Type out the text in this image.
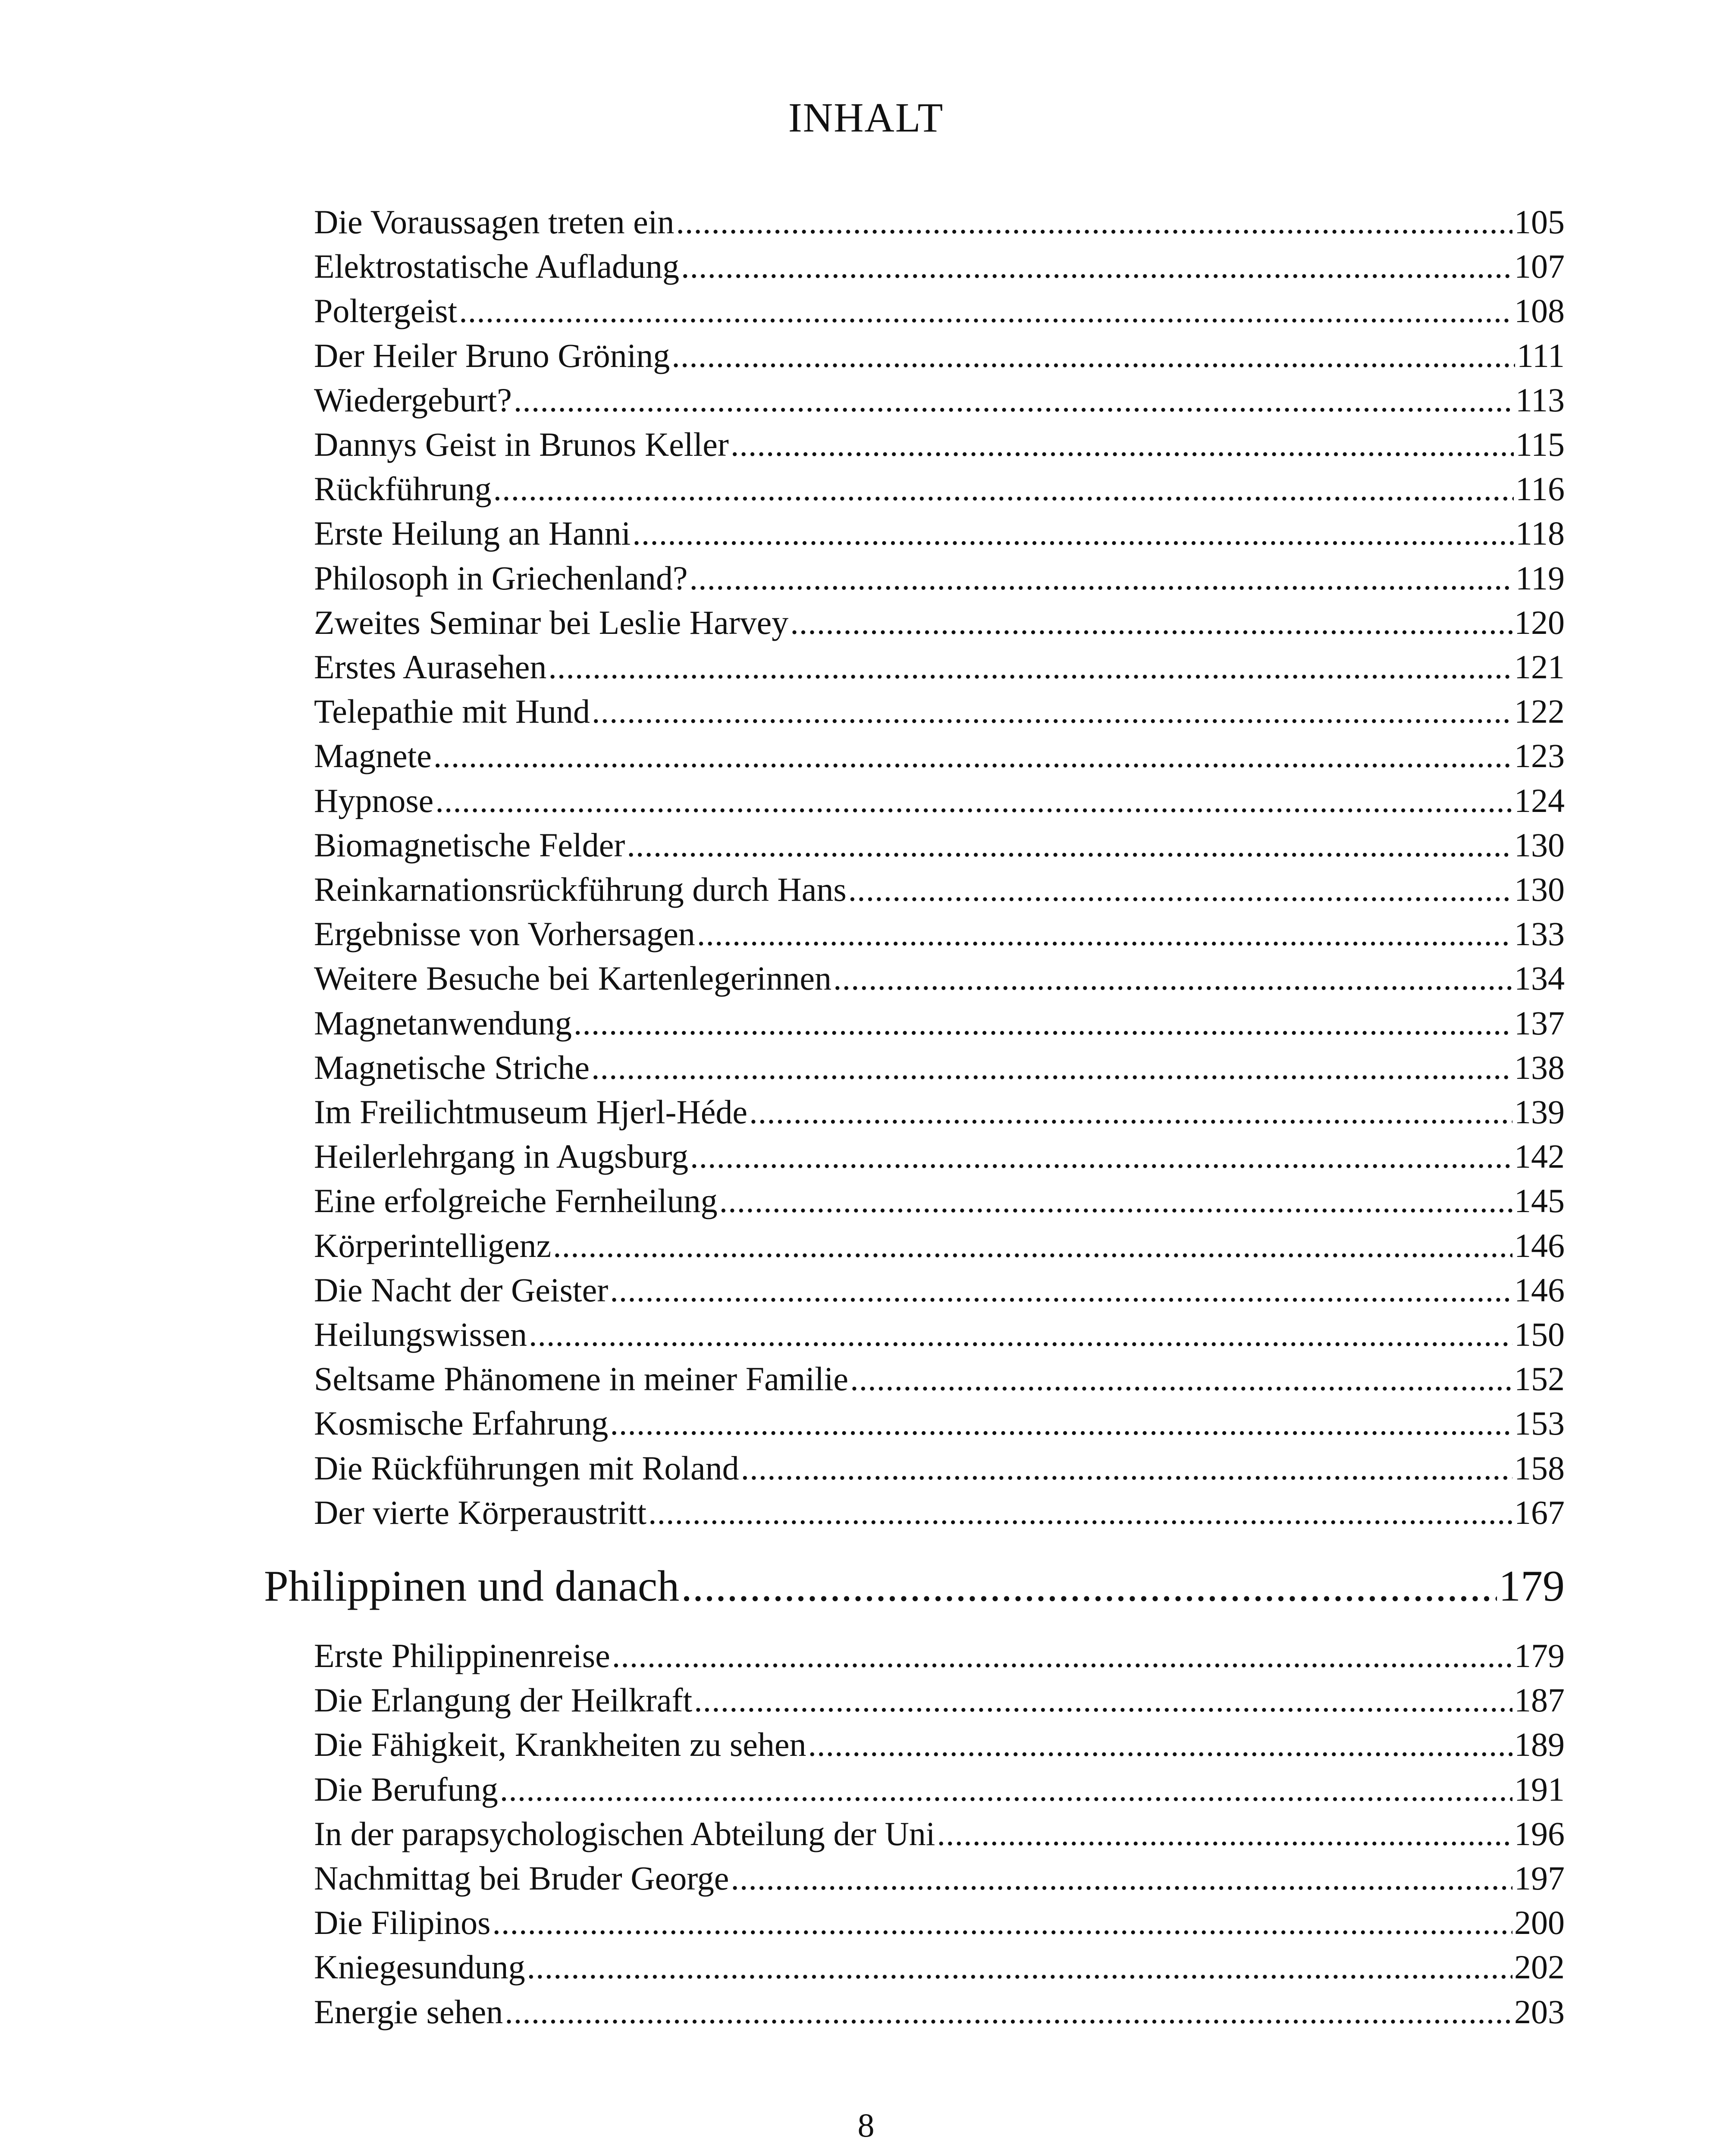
INHALT
Die Voraussagen treten ein .....	105
Elektrostatische Aufladung .....	107
Poltergeist .....	108
Der Heiler Bruno Gröning .....	111
Wiedergeburt? .....	113
Dannys Geist in Brunos Keller .....	115
Rückführung .....	116
Erste Heilung an Hanni .....	118
Philosoph in Griechenland? .....	119
Zweites Seminar bei Leslie Harvey .....	120
Erstes Aurasehen .....	121
Telepathie mit Hund .....	122
Magnete .....	123
Hypnose .....	124
Biomagnetische Felder .....	130
Reinkarnationsrückführung durch Hans .....	130
Ergebnisse von Vorhersagen .....	133
Weitere Besuche bei Kartenlegerinnen .....	134
Magnetanwendung .....	137
Magnetische Striche .....	138
Im Freilichtmuseum Hjerl-Héde .....	139
Heilerlehrgang in Augsburg .....	142
Eine erfolgreiche Fernheilung .....	145
Körperintelligenz .....	146
Die Nacht der Geister .....	146
Heilungswissen .....	150
Seltsame Phänomene in meiner Familie .....	152
Kosmische Erfahrung .....	153
Die Rückführungen mit Roland .....	158
Der vierte Körperaustritt .....	167
Philippinen und danach .....	179
Erste Philippinenreise .....	179
Die Erlangung der Heilkraft .....	187
Die Fähigkeit, Krankheiten zu sehen .....	189
Die Berufung .....	191
In der parapsychologischen Abteilung der Uni .....	196
Nachmittag bei Bruder George .....	197
Die Filipinos .....	200
Kniegesundung .....	202
Energie sehen .....	203
8
